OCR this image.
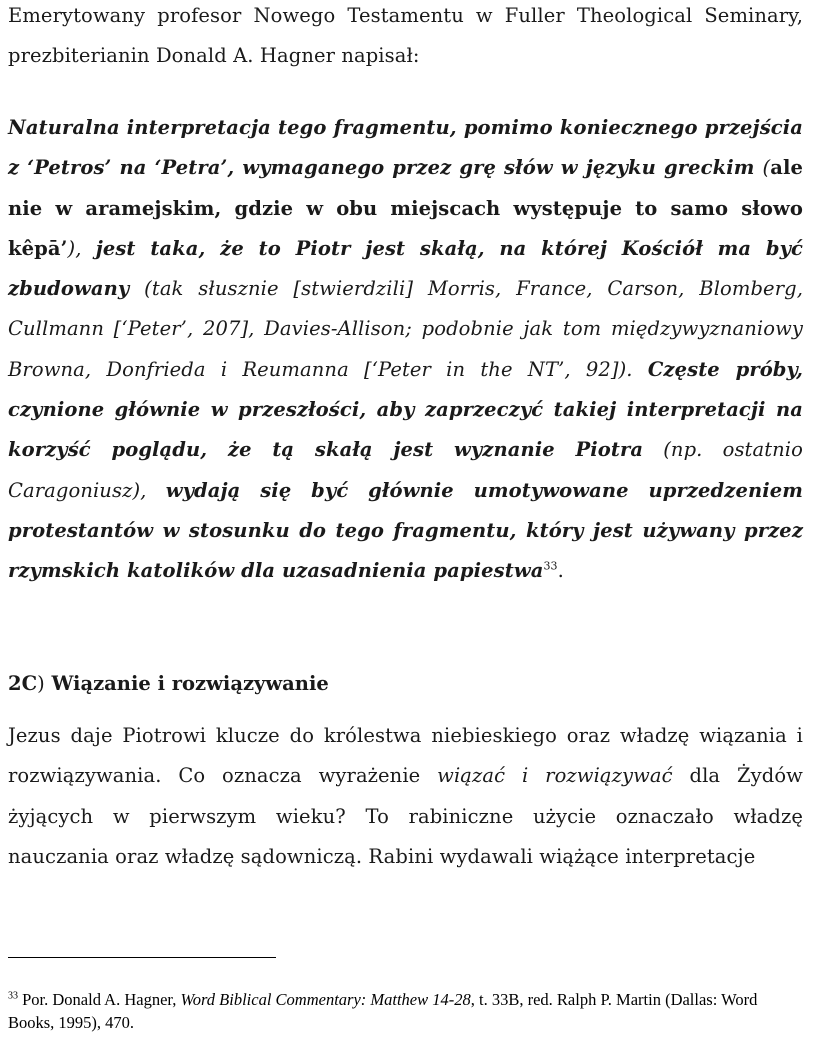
Emerytowany profesor Nowego Testamentu w Fuller Theological Seminary, prezbiterianin Donald A. Hagner napisał:

Naturalna interpretacja tego fragmentu, pomimo koniecznego przejścia z ‘Petros’ na ‘Petra’, wymaganego przez grę słów w języku greckim (ale nie w aramejskim, gdzie w obu miejscach występuje to samo słowo kêpā’), jest taka, że to Piotr jest skałą, na której Kościół ma być zbudowany (tak słusznie [stwierdzili] Morris, France, Carson, Blomberg, Cullmann [‘Peter’, 207], Davies-Allison; podobnie jak tom międzywyznaniowy Browna, Donfrieda i Reumanna [‘Peter in the NT’, 92]). Częste próby, czynione głównie w przeszłości, aby zaprzeczyć takiej interpretacji na korzyść poglądu, że tą skałą jest wyznanie Piotra (np. ostatnio Caragoniusz), wydają się być głównie umotywowane uprzedzeniem protestantów w stosunku do tego fragmentu, który jest używany przez rzymskich katolików dla uzasadnienia papiestwa$^{33}$.

2C) Wiązanie i rozwiązywanie

Jezus daje Piotrowi klucze do królestwa niebieskiego oraz władzę wiązania i rozwiązywania. Co oznacza wyrażenie wiązać i rozwiązywać dla Żydów żyjących w pierwszym wieku? To rabiniczne użycie oznaczało władzę nauczania oraz władzę sądowniczą. Rabini wydawali wiążące interpretacje

$^{33}$ Por. Donald A. Hagner, Word Biblical Commentary: Matthew 14-28, t. 33B, red. Ralph P. Martin (Dallas: Word Books, 1995), 470.
